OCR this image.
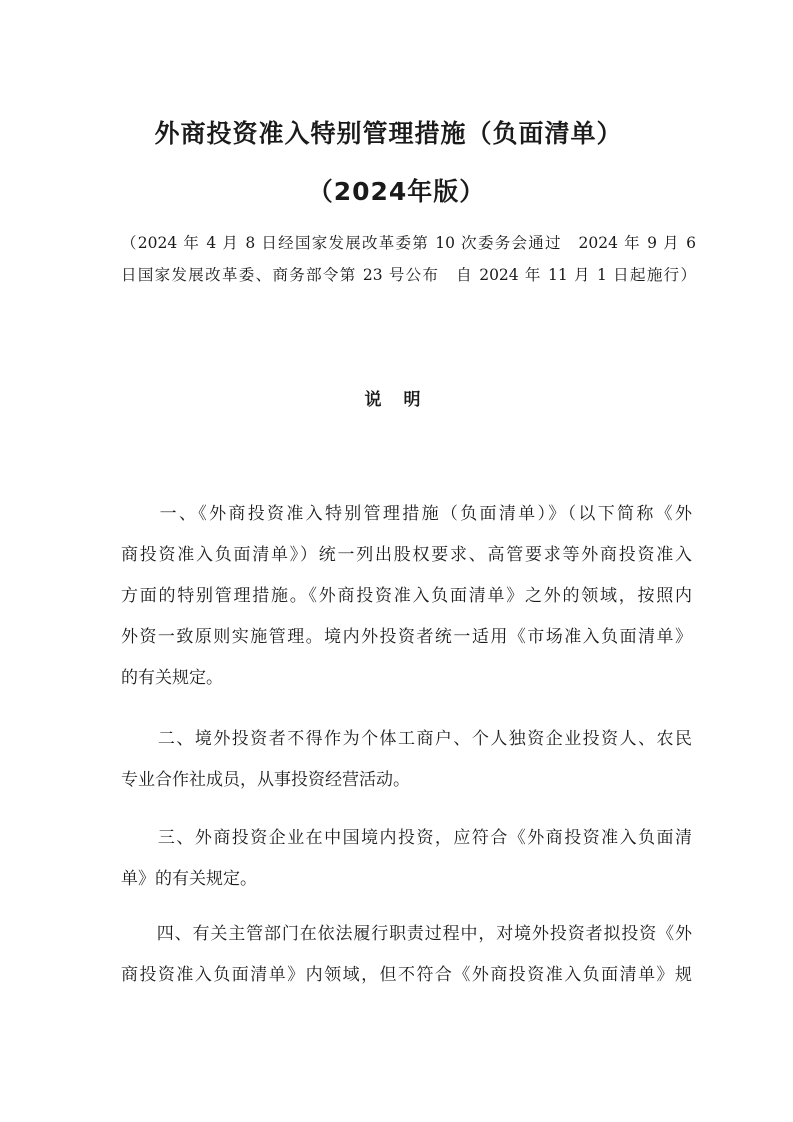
外商投资准入特别管理措施（负面清单）
（2024年版）

（2024 年 4 月 8 日经国家发展改革委第 10 次委务会通过　2024 年 9 月 6
日国家发展改革委、商务部令第 23 号公布　自 2024 年 11 月 1 日起施行）

说 明

　　一、《外商投资准入特别管理措施（负面清单）》（以下简称《外
商投资准入负面清单》）统一列出股权要求、高管要求等外商投资准入
方面的特别管理措施。《外商投资准入负面清单》之外的领域，按照内
外资一致原则实施管理。境内外投资者统一适用《市场准入负面清单》
的有关规定。

　　二、境外投资者不得作为个体工商户、个人独资企业投资人、农民
专业合作社成员，从事投资经营活动。

　　三、外商投资企业在中国境内投资，应符合《外商投资准入负面清
单》的有关规定。

　　四、有关主管部门在依法履行职责过程中，对境外投资者拟投资《外
商投资准入负面清单》内领域，但不符合《外商投资准入负面清单》规
